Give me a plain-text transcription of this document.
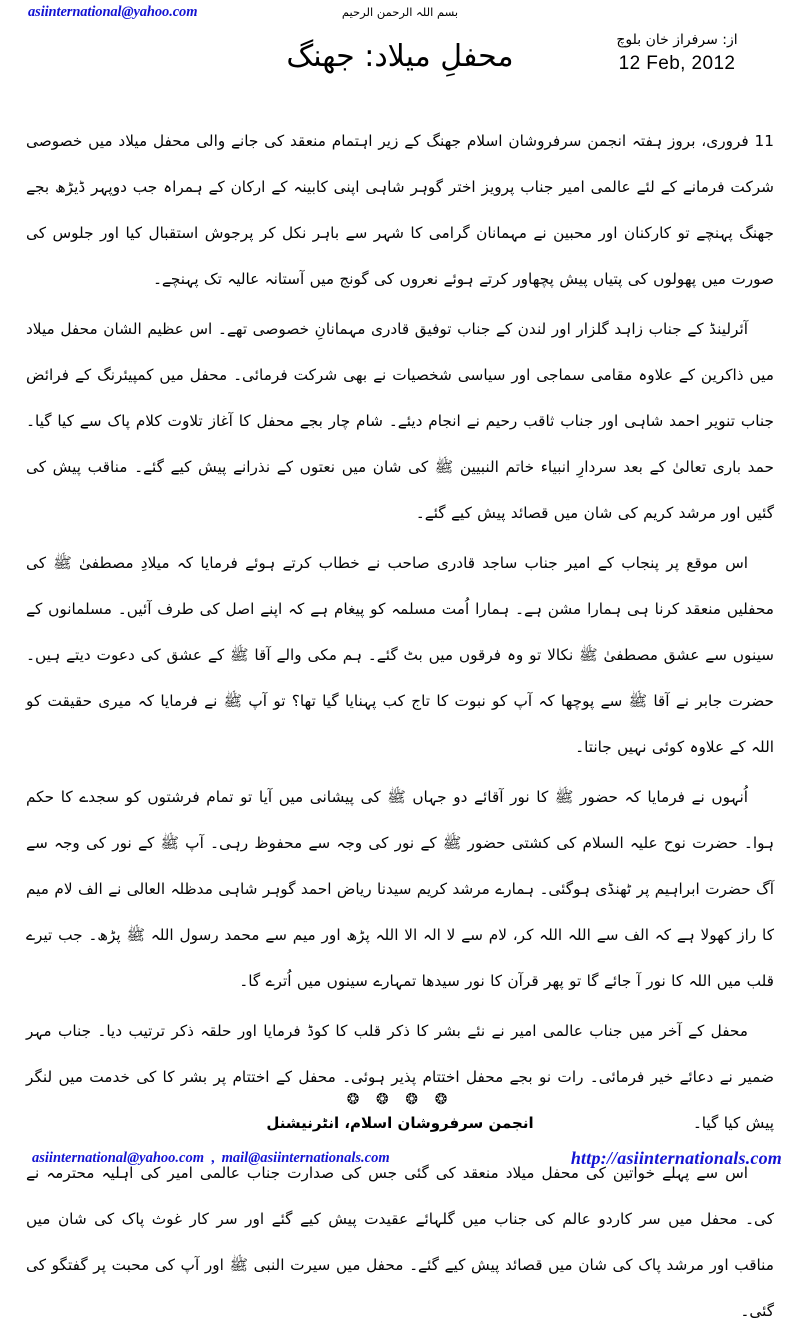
asiinternational@yahoo.com	بسم اللہ الرحمن الرحیم
محفلِ میلاد: جھنگ	از: سرفراز خان بلوچ
12 Feb, 2012

11 فروری، بروز ہفتہ انجمن سرفروشان اسلام جھنگ کے زیر اہتمام منعقد کی جانے والی محفل میلاد میں خصوصی شرکت فرمانے کے لئے عالمی امیر جناب پرویز اختر گوہر شاہی اپنی کابینہ کے ارکان کے ہمراہ جب دوپہر ڈیڑھ بجے جھنگ پہنچے تو کارکنان اور محبین نے مہمانان گرامی کا شہر سے باہر نکل کر پرجوش استقبال کیا اور جلوس کی صورت میں پھولوں کی پتیاں پیش پچھاور کرتے ہوئے نعروں کی گونج میں آستانہ عالیہ تک پہنچے۔

آئرلینڈ کے جناب زاہد گلزار اور لندن کے جناب توفیق قادری مہمانانِ خصوصی تھے۔ اس عظیم الشان محفل میلاد میں ذاکرین کے علاوہ مقامی سماجی اور سیاسی شخصیات نے بھی شرکت فرمائی۔ محفل میں کمپیئرنگ کے فرائض جناب تنویر احمد شاہی اور جناب ثاقب رحیم نے انجام دیئے۔ شام چار بجے محفل کا آغاز تلاوت کلام پاک سے کیا گیا۔ حمد باری تعالیٰ کے بعد سردارِ انبیاء خاتم النبیین ﷺ کی شان میں نعتوں کے نذرانے پیش کیے گئے۔ مناقب پیش کی گئیں اور مرشد کریم کی شان میں قصائد پیش کیے گئے۔

اس موقع پر پنجاب کے امیر جناب ساجد قادری صاحب نے خطاب کرتے ہوئے فرمایا کہ میلادِ مصطفیٰ ﷺ کی محفلیں منعقد کرنا ہی ہمارا مشن ہے۔ ہمارا اُمت مسلمہ کو پیغام ہے کہ اپنے اصل کی طرف آئیں۔ مسلمانوں کے سینوں سے عشق مصطفیٰ ﷺ نکالا تو وہ فرقوں میں بٹ گئے۔ ہم مکی والے آقا ﷺ کے عشق کی دعوت دیتے ہیں۔ حضرت جابر نے آقا ﷺ سے پوچھا کہ آپ کو نبوت کا تاج کب پہنایا گیا تھا؟ تو آپ ﷺ نے فرمایا کہ میری حقیقت کو اللہ کے علاوہ کوئی نہیں جانتا۔

اُنہوں نے فرمایا کہ حضور ﷺ کا نور آقائے دو جہاں ﷺ کی پیشانی میں آیا تو تمام فرشتوں کو سجدے کا حکم ہوا۔ حضرت نوح علیہ السلام کی کشتی حضور ﷺ کے نور کی وجہ سے محفوظ رہی۔ آپ ﷺ کے نور کی وجہ سے آگ حضرت ابراہیم پر ٹھنڈی ہوگئی۔ ہمارے مرشد کریم سیدنا ریاض احمد گوہر شاہی مدظلہ العالی نے الف لام میم کا راز کھولا ہے کہ الف سے اللہ اللہ کر، لام سے لا الہ الا اللہ پڑھ اور میم سے محمد رسول اللہ ﷺ پڑھ۔ جب تیرے قلب میں اللہ کا نور آ جائے گا تو پھر قرآن کا نور سیدھا تمہارے سینوں میں اُترے گا۔

محفل کے آخر میں جناب عالمی امیر نے نئے بشر کا ذکر قلب کا کوڈ فرمایا اور حلقہ ذکر ترتیب دیا۔ جناب مہر ضمیر نے دعائے خیر فرمائی۔ رات نو بجے محفل اختتام پذیر ہوئی۔ محفل کے اختتام پر بشر کا کی خدمت میں لنگر پیش کیا گیا۔

اس سے پہلے خواتین کی محفل میلاد منعقد کی گئی جس کی صدارت جناب عالمی امیر کی اہلیہ محترمہ نے کی۔ محفل میں سر کاردو عالم کی جناب میں گلہائے عقیدت پیش کیے گئے اور سر کار غوث پاک کی شان میں مناقب اور مرشد پاک کی شان میں قصائد پیش کیے گئے۔ محفل میں سیرت النبی ﷺ اور آپ کی محبت پر گفتگو کی گئی۔

❂ ❂ ❂ ❂
انجمن سرفروشان اسلام، انٹرنیشنل
asiinternational@yahoo.com , mail@asiinternationals.com	http://asiinternationals.com
